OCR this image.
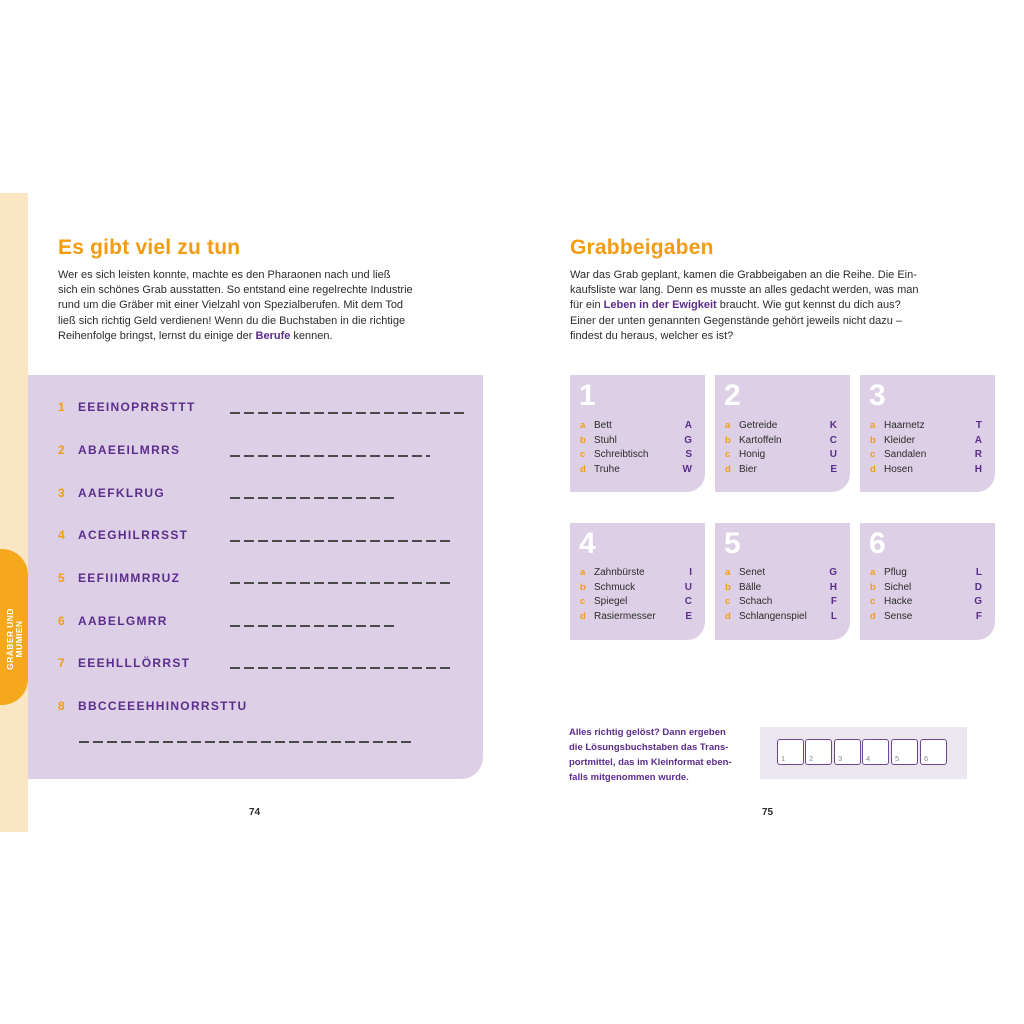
GRÄBER UND MUMIEN
Es gibt viel zu tun
Wer es sich leisten konnte, machte es den Pharaonen nach und ließ
sich ein schönes Grab ausstatten. So entstand eine regelrechte Industrie
rund um die Gräber mit einer Vielzahl von Spezialberufen. Mit dem Tod
ließ sich richtig Geld verdienen! Wenn du die Buchstaben in die richtige
Reihenfolge bringst, lernst du einige der Berufe kennen.
1	EEEINOPRRSTTT
2	ABAEEILMRRS
3	AAEFKLRUG
4	ACEGHILRRSST
5	EEFIIIMMRRUZ
6	AABELGMRR
7	EEEHLLLÖRRST
8	BBCCEEEHHINORRSTTU
74
Grabbeigaben
War das Grab geplant, kamen die Grabbeigaben an die Reihe. Die Ein-
kaufsliste war lang. Denn es musste an alles gedacht werden, was man
für ein Leben in der Ewigkeit braucht. Wie gut kennst du dich aus?
Einer der unten genannten Gegenstände gehört jeweils nicht dazu –
findest du heraus, welcher es ist?
1
a Bett	A
b Stuhl	G
c Schreibtisch	S
d Truhe	W
2
a Getreide	K
b Kartoffeln	C
c Honig	U
d Bier	E
3
a Haarnetz	T
b Kleider	A
c Sandalen	R
d Hosen	H
4
a Zahnbürste	I
b Schmuck	U
c Spiegel	C
d Rasiermesser	E
5
a Senet	G
b Bälle	H
c Schach	F
d Schlangenspiel	L
6
a Pflug	L
b Sichel	D
c Hacke	G
d Sense	F
Alles richtig gelöst? Dann ergeben
die Lösungsbuchstaben das Trans-
portmittel, das im Kleinformat eben-
falls mitgenommen wurde.
1	2	3	4	5	6
75
